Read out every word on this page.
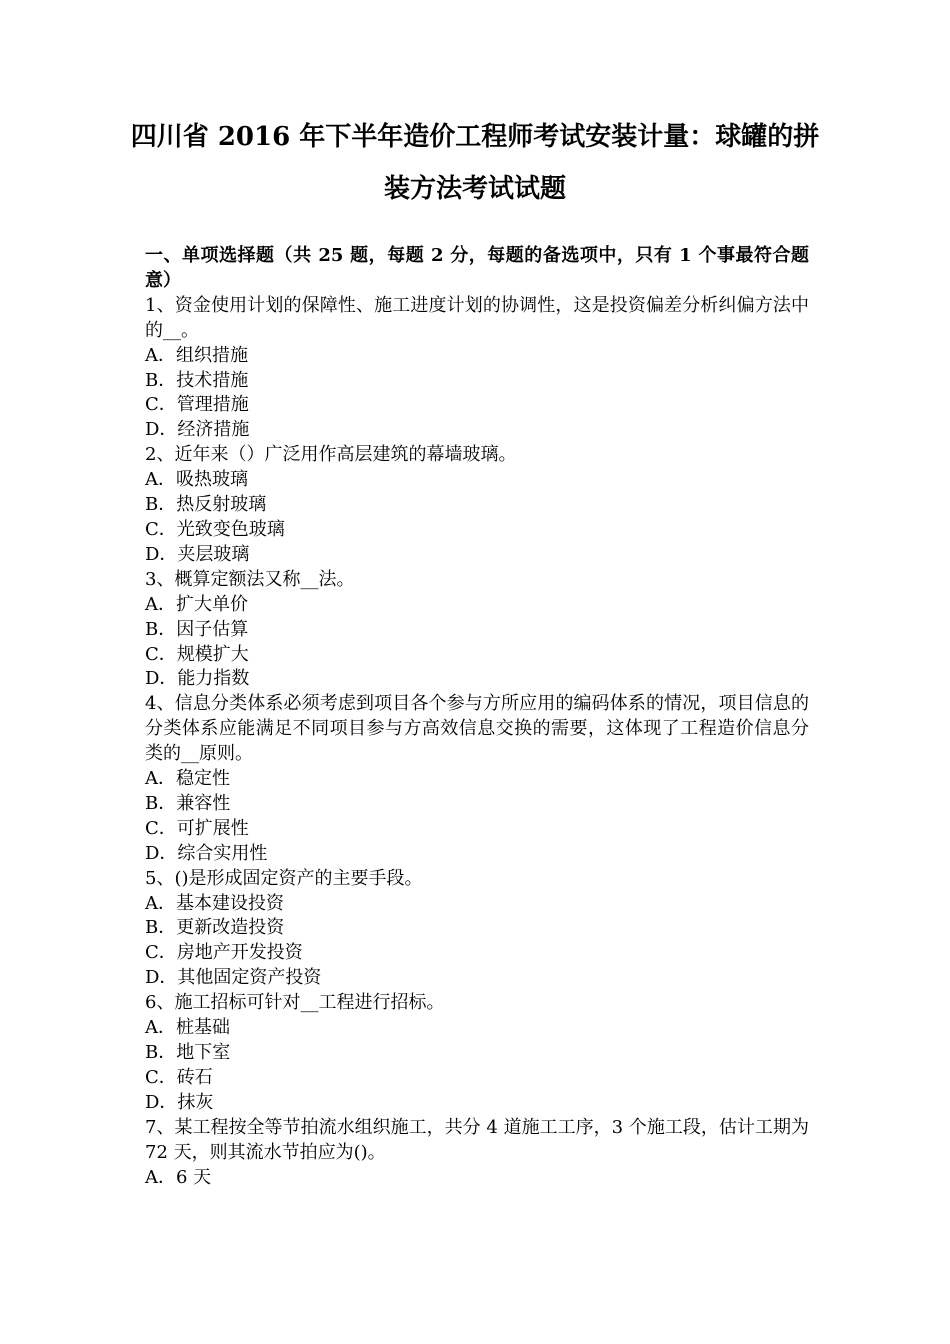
四川省 2016 年下半年造价工程师考试安装计量：球罐的拼
装方法考试试题
一、单项选择题（共 25 题，每题 2 分，每题的备选项中，只有 1 个事最符合题意）
1、资金使用计划的保障性、施工进度计划的协调性，这是投资偏差分析纠偏方法中的__。
A．组织措施
B．技术措施
C．管理措施
D．经济措施
2、近年来（）广泛用作高层建筑的幕墙玻璃。
A．吸热玻璃
B．热反射玻璃
C．光致变色玻璃
D．夹层玻璃
3、概算定额法又称__法。
A．扩大单价
B．因子估算
C．规模扩大
D．能力指数
4、信息分类体系必须考虑到项目各个参与方所应用的编码体系的情况，项目信息的分类体系应能满足不同项目参与方高效信息交换的需要，这体现了工程造价信息分类的__原则。
A．稳定性
B．兼容性
C．可扩展性
D．综合实用性
5、()是形成固定资产的主要手段。
A．基本建设投资
B．更新改造投资
C．房地产开发投资
D．其他固定资产投资
6、施工招标可针对__工程进行招标。
A．桩基础
B．地下室
C．砖石
D．抹灰
7、某工程按全等节拍流水组织施工，共分 4 道施工工序，3 个施工段，估计工期为 72 天，则其流水节拍应为()。
A．6 天
